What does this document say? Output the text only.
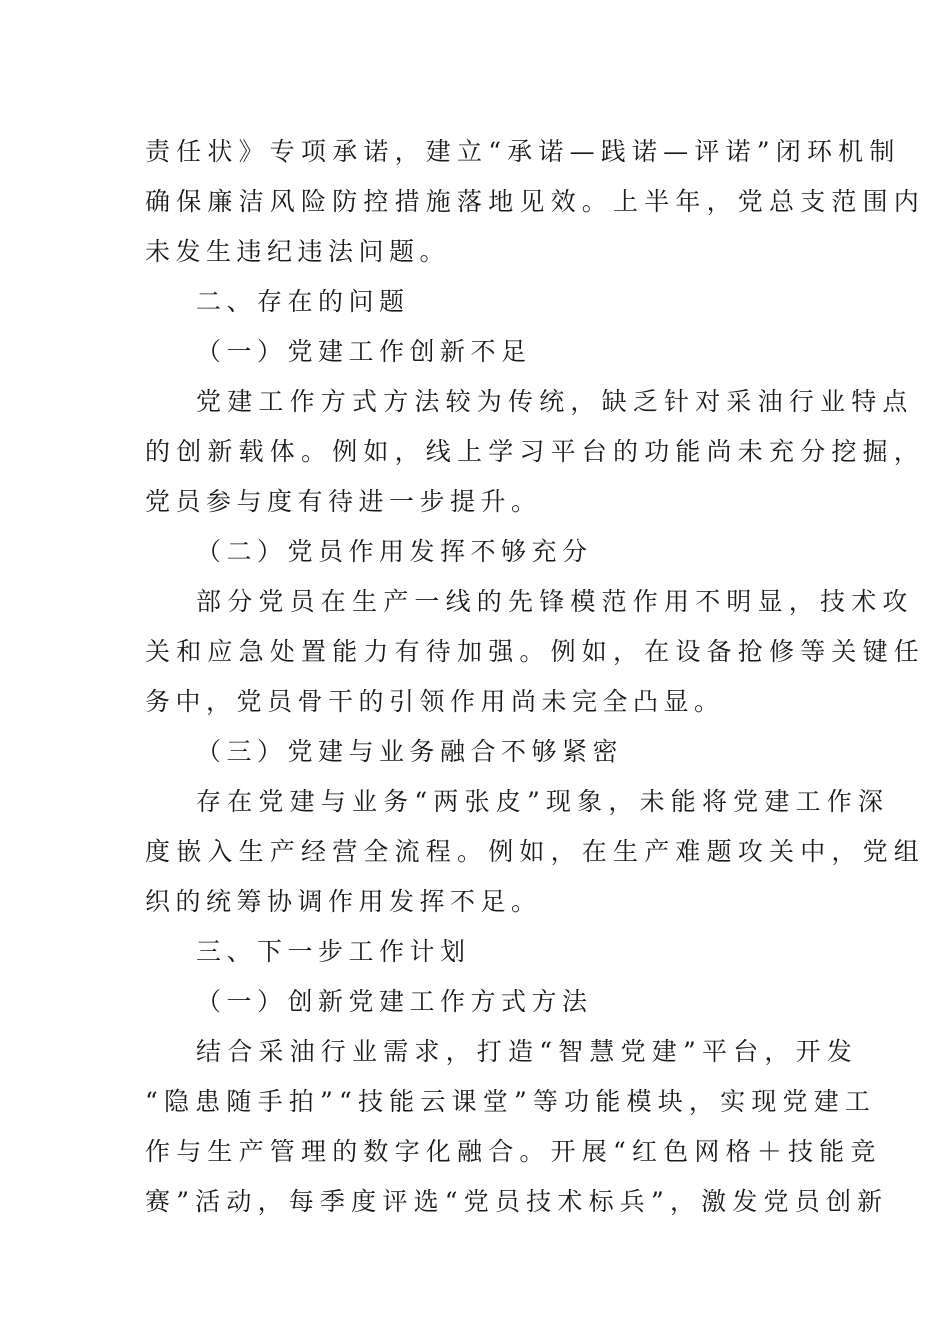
责任状》专项承诺，建立“承诺—践诺—评诺”闭环机制

确保廉洁风险防控措施落地见效。上半年，党总支范围内

未发生违纪违法问题。

二、存在的问题

（一）党建工作创新不足

党建工作方式方法较为传统，缺乏针对采油行业特点

的创新载体。例如，线上学习平台的功能尚未充分挖掘，

党员参与度有待进一步提升。

（二）党员作用发挥不够充分

部分党员在生产一线的先锋模范作用不明显，技术攻

关和应急处置能力有待加强。例如，在设备抢修等关键任

务中，党员骨干的引领作用尚未完全凸显。

（三）党建与业务融合不够紧密

存在党建与业务“两张皮”现象，未能将党建工作深

度嵌入生产经营全流程。例如，在生产难题攻关中，党组

织的统筹协调作用发挥不足。

三、下一步工作计划

（一）创新党建工作方式方法

结合采油行业需求，打造“智慧党建”平台，开发

“隐患随手拍”“技能云课堂”等功能模块，实现党建工

作与生产管理的数字化融合。开展“红色网格＋技能竞

赛”活动，每季度评选“党员技术标兵”，激发党员创新
